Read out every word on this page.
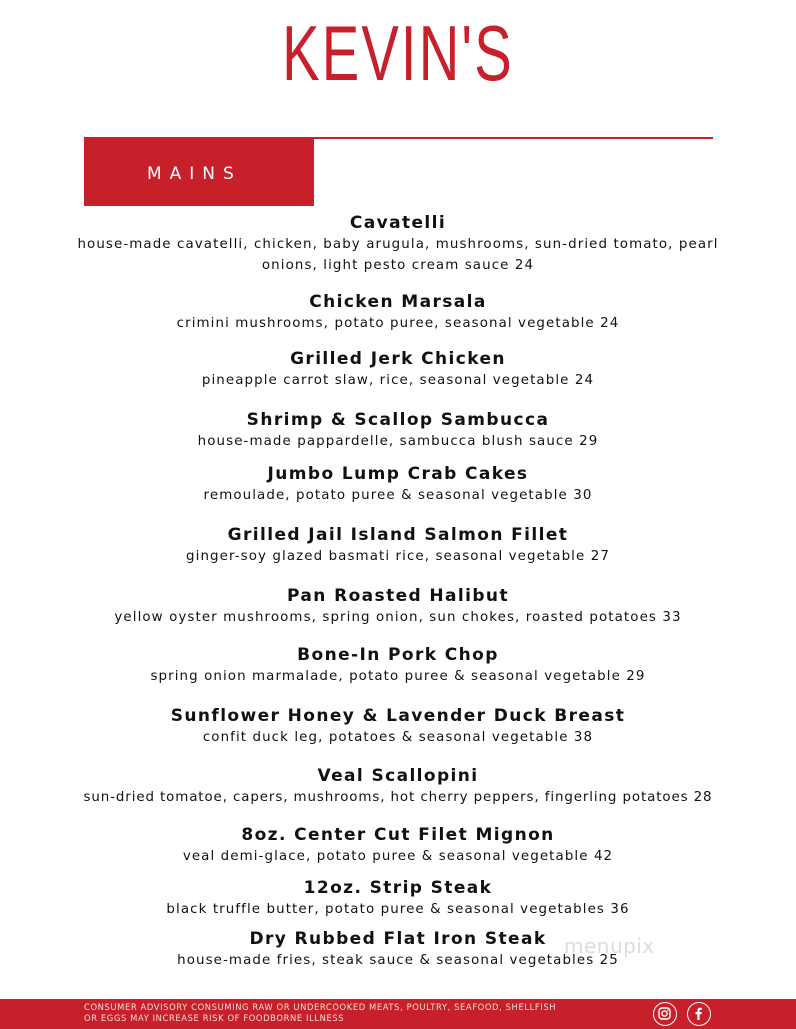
KEVIN'S
MAINS

Cavatelli

house-made cavatelli, chicken, baby arugula, mushrooms, sun-dried tomato, pearl onions, light pesto cream sauce 24

Chicken Marsala

crimini mushrooms, potato puree, seasonal vegetable 24

Grilled Jerk Chicken

pineapple carrot slaw, rice, seasonal vegetable 24

Shrimp & Scallop Sambucca

house-made pappardelle, sambucca blush sauce 29

Jumbo Lump Crab Cakes

remoulade, potato puree & seasonal vegetable 30

Grilled Jail Island Salmon Fillet

ginger-soy glazed basmati rice, seasonal vegetable 27

Pan Roasted Halibut

yellow oyster mushrooms, spring onion, sun chokes, roasted potatoes 33

Bone-In Pork Chop

spring onion marmalade, potato puree & seasonal vegetable 29

Sunflower Honey & Lavender Duck Breast

confit duck leg, potatoes & seasonal vegetable 38

Veal Scallopini

sun-dried tomatoe, capers, mushrooms, hot cherry peppers, fingerling potatoes 28

8oz. Center Cut Filet Mignon

veal demi-glace, potato puree & seasonal vegetable 42

12oz. Strip Steak

black truffle butter, potato puree & seasonal vegetables 36

Dry Rubbed Flat Iron Steak

house-made fries, steak sauce & seasonal vegetables 25

menupix
CONSUMER ADVISORY CONSUMING RAW OR UNDERCOOKED MEATS, POULTRY, SEAFOOD, SHELLFISH OR EGGS MAY INCREASE RISK OF FOODBORNE ILLNESS
